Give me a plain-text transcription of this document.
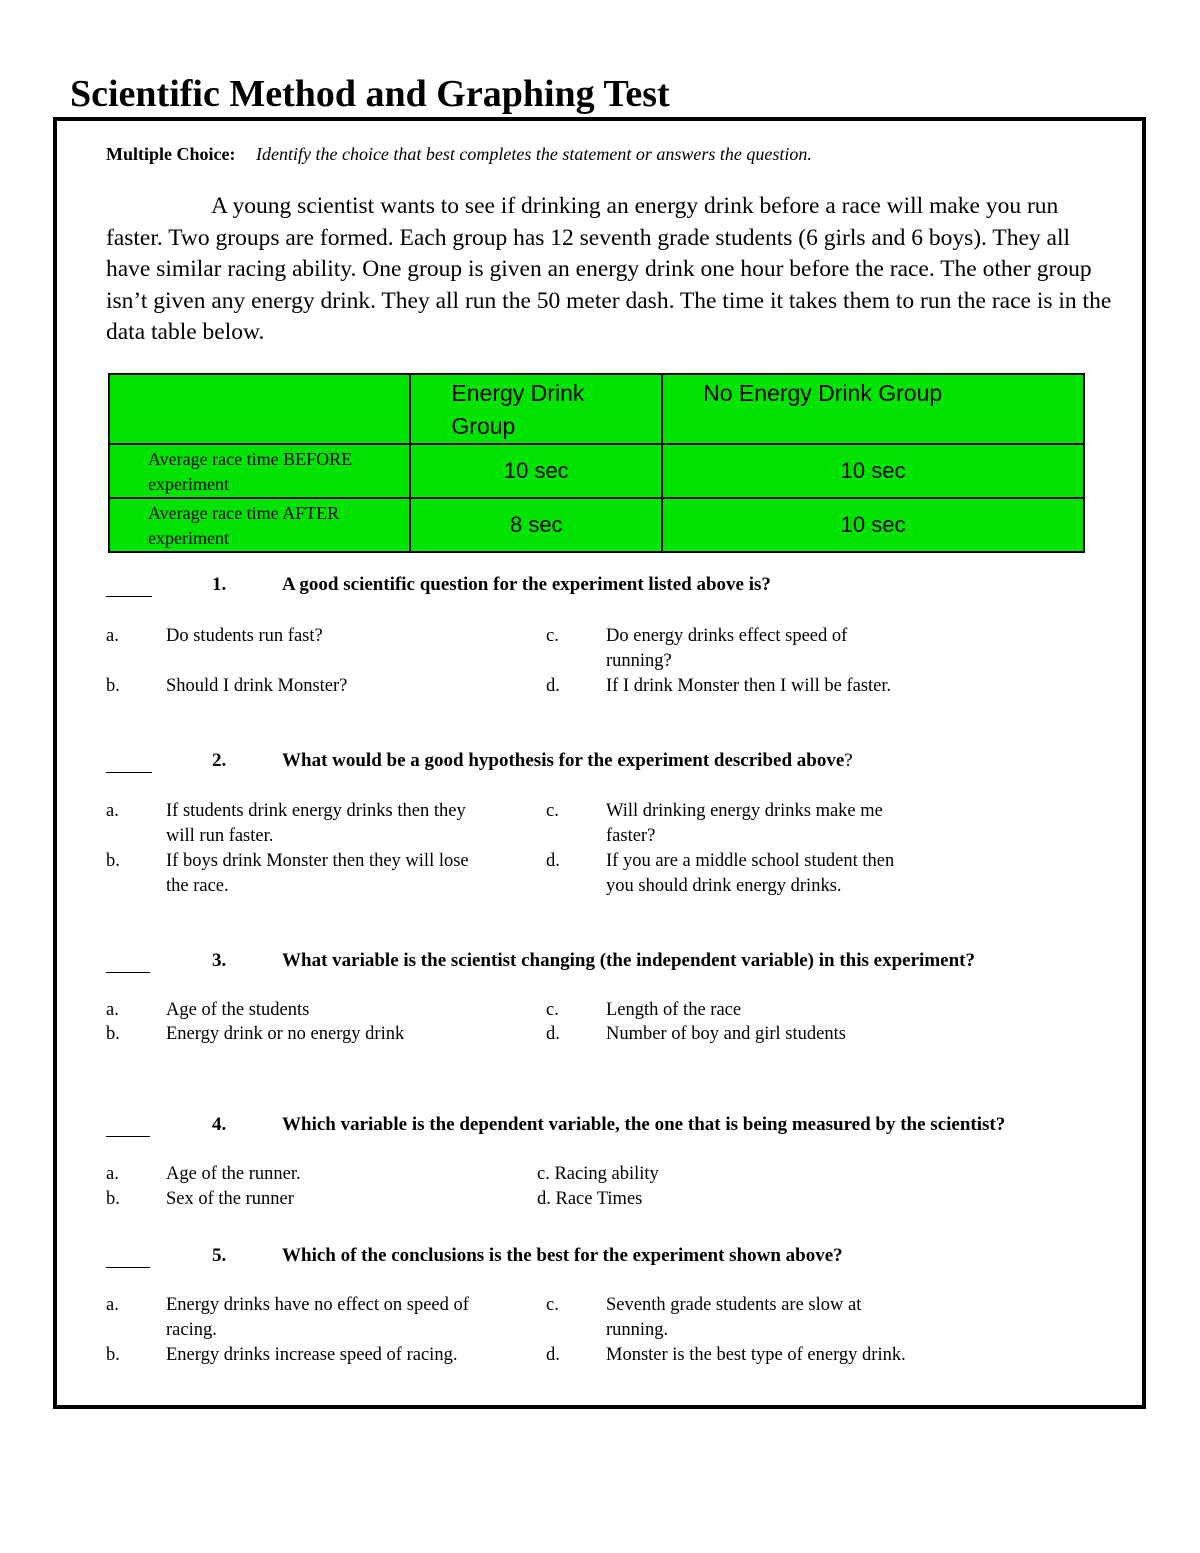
Scientific Method and Graphing Test
Multiple Choice: Identify the choice that best completes the statement or answers the question.

A young scientist wants to see if drinking an energy drink before a race will make you run faster. Two groups are formed. Each group has 12 seventh grade students (6 girls and 6 boys). They all have similar racing ability. One group is given an energy drink one hour before the race. The other group isn’t given any energy drink. They all run the 50 meter dash. The time it takes them to run the race is in the data table below.

	Energy Drink Group	No Energy Drink Group
Average race time BEFORE experiment	10 sec	10 sec
Average race time AFTER experiment	8 sec	10 sec
1.	A good scientific question for the experiment listed above is?
a.	Do students run fast?
b. Should I drink Monster?
c.	Do energy drinks effect speed of running?
d. If I drink Monster then I will be faster.
2.	What would be a good hypothesis for the experiment described above?
a.	If students drink energy drinks then they will run faster.
b. If boys drink Monster then they will lose the race.
c.	Will drinking energy drinks make me faster?
d. If you are a middle school student then you should drink energy drinks.
3.	What variable is the scientist changing (the independent variable) in this experiment?
a.	Age of the students
b. Energy drink or no energy drink
c.	Length of the race
d. Number of boy and girl students
4.	Which variable is the dependent variable, the one that is being measured by the scientist?
a.	Age of the runner.
b. Sex of the runner
c. Racing ability
d. Race Times
5.	Which of the conclusions is the best for the experiment shown above?
a.	Energy drinks have no effect on speed of racing.
b. Energy drinks increase speed of racing.
c.	Seventh grade students are slow at running.
d. Monster is the best type of energy drink.
